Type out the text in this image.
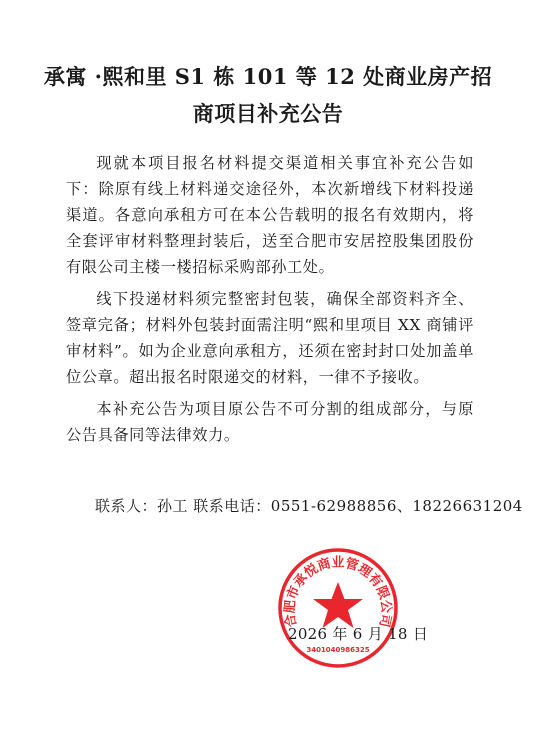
承寓 ·熙和里 S1 栋 101 等 12 处商业房产招
商项目补充公告

现就本项目报名材料提交渠道相关事宜补充公告如下：除原有线上材料递交途径外，本次新增线下材料投递渠道。各意向承租方可在本公告载明的报名有效期内，将全套评审材料整理封装后，送至合肥市安居控股集团股份有限公司主楼一楼招标采购部孙工处。

线下投递材料须完整密封包装，确保全部资料齐全、签章完备；材料外包装封面需注明“熙和里项目 XX 商铺评审材料”。如为企业意向承租方，还须在密封封口处加盖单位公章。超出报名时限递交的材料，一律不予接收。

本补充公告为项目原公告不可分割的组成部分，与原公告具备同等法律效力。

联系人：孙工 联系电话：0551-62988856、18226631204
合肥市承悦商业管理有限公司
3401040986325
2026 年 6 月 18 日
